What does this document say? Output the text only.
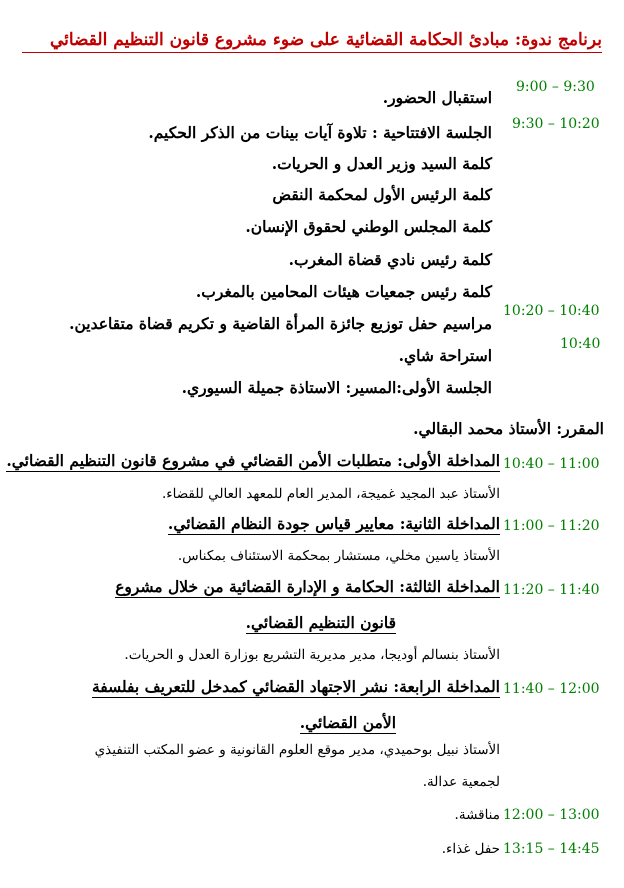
برنامج ندوة: مبادئ الحكامة القضائية على ضوء مشروع قانون التنظيم القضائي
9:00 – 9:30
استقبال الحضور.
9:30 – 10:20
الجلسة الافتتاحية : تلاوة آيات بينات من الذكر الحكيم.
كلمة السيد وزير العدل و الحريات.
كلمة الرئيس الأول لمحكمة النقض
كلمة المجلس الوطني لحقوق الإنسان.
كلمة رئيس نادي قضاة المغرب.
كلمة رئيس جمعيات هيئات المحامين بالمغرب.
10:20 – 10:40
مراسيم حفل توزيع جائزة المرأة القاضية و تكريم قضاة متقاعدين.
10:40
استراحة شاي.
الجلسة الأولى:المسير: الاستاذة جميلة السيوري.
المقرر: الأستاذ محمد البقالي.
10:40 – 11:00
المداخلة الأولى: متطلبات الأمن القضائي في مشروع قانون التنظيم القضائي.
الأستاذ عبد المجيد غميجة، المدير العام للمعهد العالي للقضاء.
11:00 – 11:20
المداخلة الثانية: معايير قياس جودة النظام القضائي.
الأستاذ ياسين مخلي، مستشار بمحكمة الاستئناف بمكناس.
11:20 – 11:40
المداخلة الثالثة: الحكامة و الإدارة القضائية من خلال مشروع
قانون التنظيم القضائي.
الأستاذ بنسالم أوديجا، مدير مديرية التشريع بوزارة العدل و الحريات.
11:40 – 12:00
المداخلة الرابعة: نشر الاجتهاد القضائي كمدخل للتعريف بفلسفة
الأمن القضائي.
الأستاذ نبيل بوحميدي، مدير موقع العلوم القانونية و عضو المكتب التنفيذي
لجمعية عدالة.
12:00 – 13:00
مناقشة.
13:15 – 14:45
حفل غذاء.
